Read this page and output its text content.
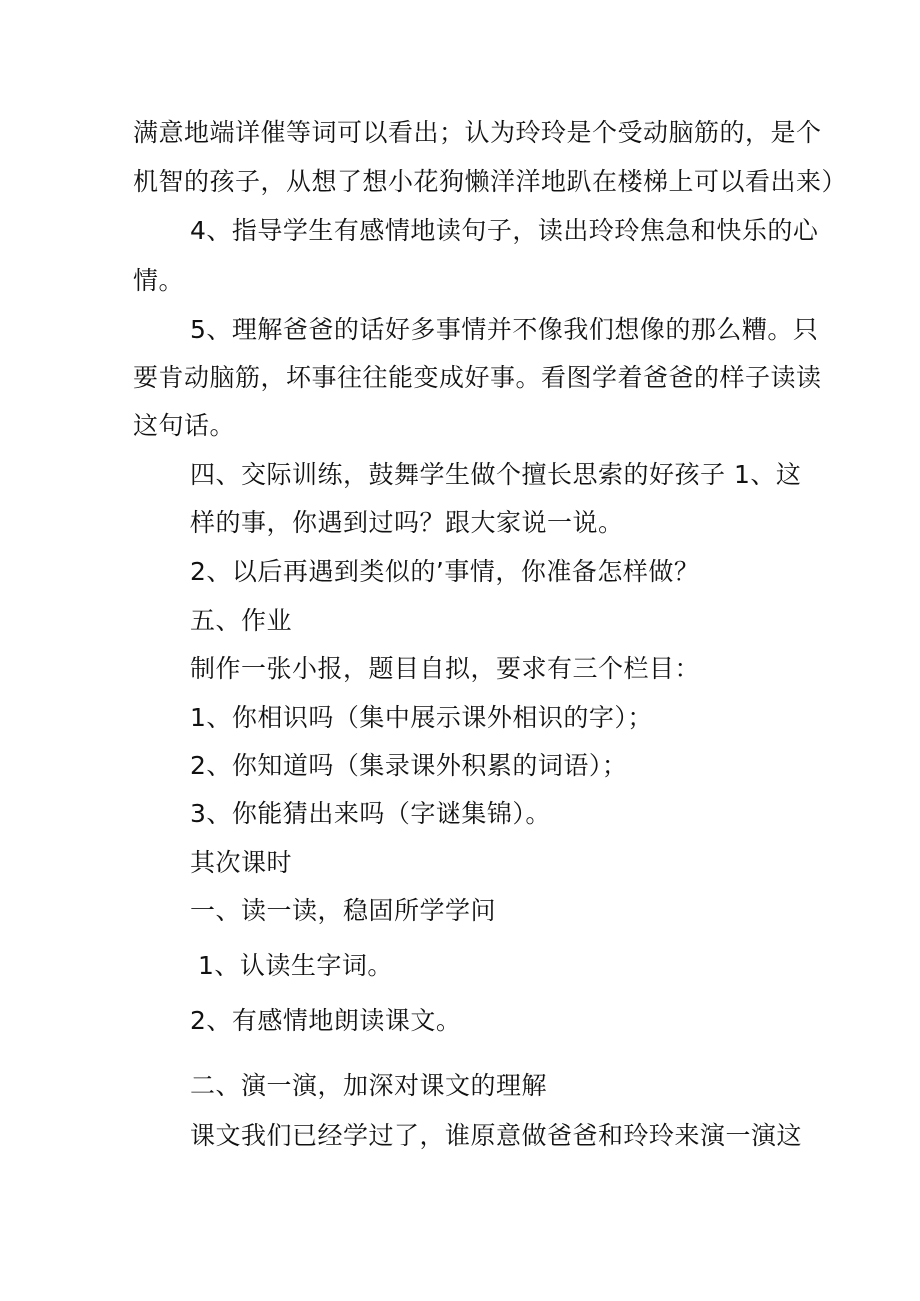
满意地端详催等词可以看出；认为玲玲是个受动脑筋的，是个
机智的孩子，从想了想小花狗懒洋洋地趴在楼梯上可以看出来）
4、指导学生有感情地读句子，读出玲玲焦急和快乐的心
情。
5、理解爸爸的话好多事情并不像我们想像的那么糟。只
要肯动脑筋，坏事往往能变成好事。看图学着爸爸的样子读读
这句话。
四、交际训练，鼓舞学生做个擅长思索的好孩子 1、这
样的事，你遇到过吗？跟大家说一说。
2、以后再遇到类似的’事情，你准备怎样做？
五、作业
制作一张小报，题目自拟，要求有三个栏目：
1、你相识吗（集中展示课外相识的字）；
2、你知道吗（集录课外积累的词语）；
3、你能猜出来吗（字谜集锦）。
其次课时
一、读一读，稳固所学学问
1、认读生字词。
2、有感情地朗读课文。
二、演一演，加深对课文的理解
课文我们已经学过了，谁原意做爸爸和玲玲来演一演这
